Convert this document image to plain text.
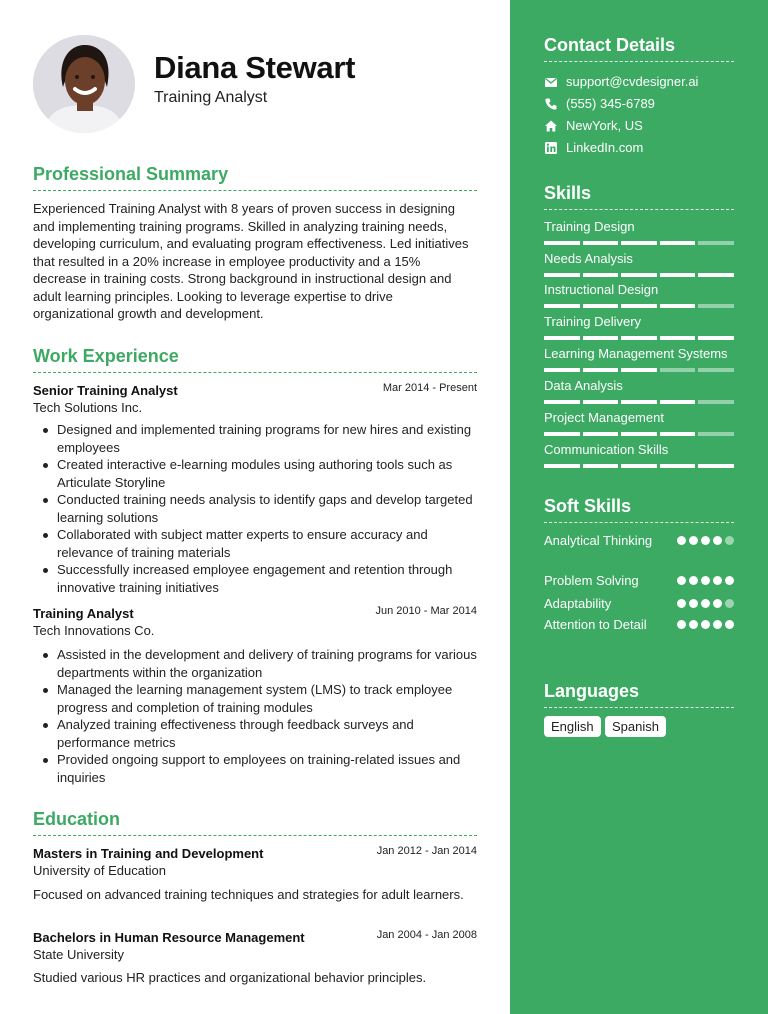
Diana Stewart

Training Analyst

Professional Summary

Experienced Training Analyst with 8 years of proven success in designing and implementing training programs. Skilled in analyzing training needs, developing curriculum, and evaluating program effectiveness. Led initiatives that resulted in a 20% increase in employee productivity and a 15% decrease in training costs. Strong background in instructional design and adult learning principles. Looking to leverage expertise to drive organizational growth and development.

Work Experience

Senior Training Analyst	Mar 2014 - Present

Tech Solutions Inc.

Designed and implemented training programs for new hires and existing employees
Created interactive e-learning modules using authoring tools such as Articulate Storyline
Conducted training needs analysis to identify gaps and develop targeted learning solutions
Collaborated with subject matter experts to ensure accuracy and relevance of training materials
Successfully increased employee engagement and retention through innovative training initiatives

Training Analyst	Jun 2010 - Mar 2014

Tech Innovations Co.

Assisted in the development and delivery of training programs for various departments within the organization
Managed the learning management system (LMS) to track employee progress and completion of training modules
Analyzed training effectiveness through feedback surveys and performance metrics
Provided ongoing support to employees on training-related issues and inquiries
Education

Masters in Training and Development	Jan 2012 - Jan 2014

University of Education

Focused on advanced training techniques and strategies for adult learners.

Bachelors in Human Resource Management	Jan 2004 - Jan 2008

State University

Studied various HR practices and organizational behavior principles.

Contact Details
support@cvdesigner.ai
(555) 345-6789
NewYork, US
LinkedIn.com
Skills
Training Design
Needs Analysis
Instructional Design
Training Delivery
Learning Management Systems
Data Analysis
Project Management
Communication Skills
Soft Skills
Analytical Thinking
Problem Solving
Adaptability
Attention to Detail
Languages
English	Spanish
